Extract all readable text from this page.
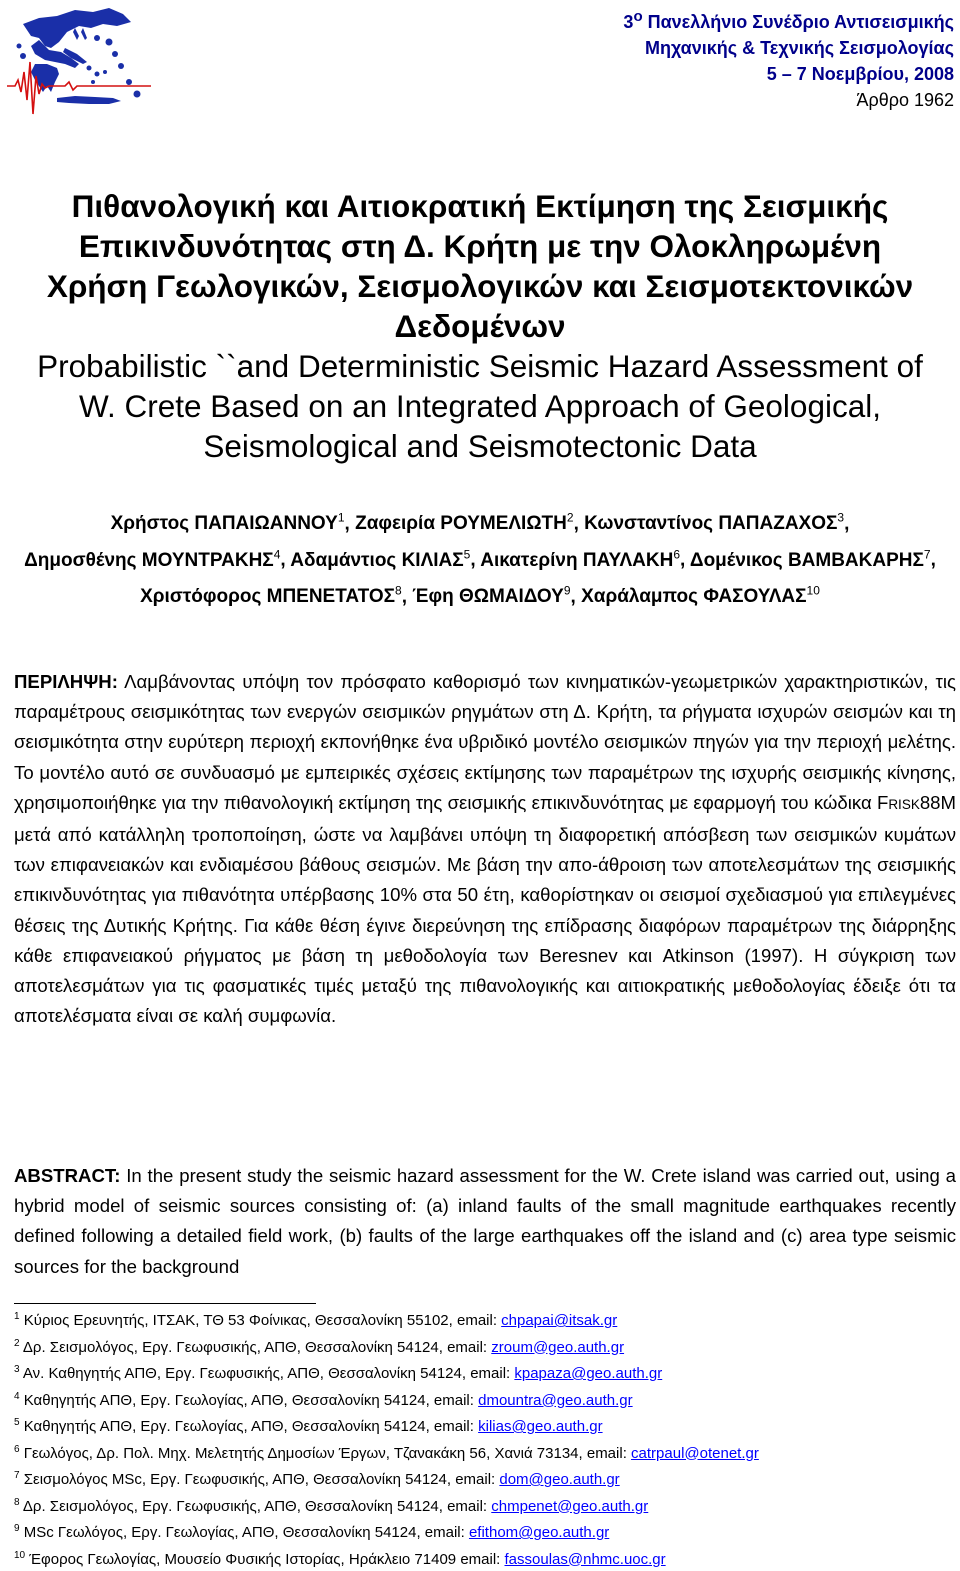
$3^o$ Πανελλήνιο Συνέδριο Αντισεισμικής
Μηχανικής & Τεχνικής Σεισμολογίας
5 – 7 Νοεμβρίου, 2008
Άρθρο 1962
Πιθανολογική και Αιτιοκρατική Εκτίμηση της Σεισμικής
Επικινδυνότητας στη Δ. Κρήτη με την Ολοκληρωμένη
Χρήση Γεωλογικών, Σεισμολογικών και Σεισμοτεκτονικών
Δεδομένων
Probabilistic ``and Deterministic Seismic Hazard Assessment of
W. Crete Based on an Integrated Approach of Geological,
Seismological and Seismotectonic Data
Χρήστος ΠΑΠΑΙΩΑΝΝΟΥ$^1$, Ζαφειρία ΡΟΥΜΕΛΙΩΤΗ$^2$, Κωνσταντίνος ΠΑΠΑΖΑΧΟΣ$^3$,
Δημοσθένης ΜΟΥΝΤΡΑΚΗΣ$^4$, Αδαμάντιος ΚΙΛΙΑΣ$^5$, Αικατερίνη ΠΑΥΛΑΚΗ$^6$, Δομένικος ΒΑΜΒΑΚΑΡΗΣ$^7$, Χριστόφορος ΜΠΕΝΕΤΑΤΟΣ$^8$, Έφη ΘΩΜΑΙΔΟΥ$^9$, Χαράλαμπος ΦΑΣΟΥΛΑΣ$^{10}$
ΠΕΡΙΛΗΨΗ: Λαμβάνοντας υπόψη τον πρόσφατο καθορισμό των κινηματικών-γεωμετρικών χαρακτηριστικών, τις παραμέτρους σεισμικότητας των ενεργών σεισμικών ρηγμάτων στη Δ. Κρήτη, τα ρήγματα ισχυρών σεισμών και τη σεισμικότητα στην ευρύτερη περιοχή εκπονήθηκε ένα υβριδικό μοντέλο σεισμικών πηγών για την περιοχή μελέτης. Το μοντέλο αυτό σε συνδυασμό με εμπειρικές σχέσεις εκτίμησης των παραμέτρων της ισχυρής σεισμικής κίνησης, χρησιμοποιήθηκε για την πιθανολογική εκτίμηση της σεισμικής επικινδυνότητας με εφαρμογή του κώδικα FRISK88M μετά από κατάλληλη τροποποίηση, ώστε να λαμβάνει υπόψη τη διαφορετική απόσβεση των σεισμικών κυμάτων των επιφανειακών και ενδιαμέσου βάθους σεισμών. Με βάση την απο-άθροιση των αποτελεσμάτων της σεισμικής επικινδυνότητας για πιθανότητα υπέρβασης 10% στα 50 έτη, καθορίστηκαν οι σεισμοί σχεδιασμού για επιλεγμένες θέσεις της Δυτικής Κρήτης. Για κάθε θέση έγινε διερεύνηση της επίδρασης διαφόρων παραμέτρων της διάρρηξης κάθε επιφανειακού ρήγματος με βάση τη μεθοδολογία των Beresnev και Atkinson (1997). Η σύγκριση των αποτελεσμάτων για τις φασματικές τιμές μεταξύ της πιθανολογικής και αιτιοκρατικής μεθοδολογίας έδειξε ότι τα αποτελέσματα είναι σε καλή συμφωνία.
ABSTRACT: In the present study the seismic hazard assessment for the W. Crete island was carried out, using a hybrid model of seismic sources consisting of: (a) inland faults of the small magnitude earthquakes recently defined following a detailed field work, (b) faults of the large earthquakes off the island and (c) area type seismic sources for the background
$^1$ Κύριος Ερευνητής, ΙΤΣΑΚ, ΤΘ 53 Φοίνικας, Θεσσαλονίκη 55102, email: chpapai@itsak.gr
$^2$ Δρ. Σεισμολόγος, Εργ. Γεωφυσικής, ΑΠΘ, Θεσσαλονίκη 54124, email: zroum@geo.auth.gr
$^3$ Αν. Καθηγητής ΑΠΘ, Εργ. Γεωφυσικής, ΑΠΘ, Θεσσαλονίκη 54124, email: kpapaza@geo.auth.gr
$^4$ Καθηγητής ΑΠΘ, Εργ. Γεωλογίας, ΑΠΘ, Θεσσαλονίκη 54124, email: dmountra@geo.auth.gr
$^5$ Καθηγητής ΑΠΘ, Εργ. Γεωλογίας, ΑΠΘ, Θεσσαλονίκη 54124, email: kilias@geo.auth.gr
$^6$ Γεωλόγος, Δρ. Πολ. Μηχ. Μελετητής Δημοσίων Έργων, Τζανακάκη 56, Χανιά 73134, email: catrpaul@otenet.gr
$^7$ Σεισμολόγος MSc, Εργ. Γεωφυσικής, ΑΠΘ, Θεσσαλονίκη 54124, email: dom@geo.auth.gr
$^8$ Δρ. Σεισμολόγος, Εργ. Γεωφυσικής, ΑΠΘ, Θεσσαλονίκη 54124, email: chmpenet@geo.auth.gr
$^9$ MSc Γεωλόγος, Εργ. Γεωλογίας, ΑΠΘ, Θεσσαλονίκη 54124, email: efithom@geo.auth.gr
$^{10}$ Έφορος Γεωλογίας, Μουσείο Φυσικής Ιστορίας, Ηράκλειο 71409 email: fassoulas@nhmc.uoc.gr
